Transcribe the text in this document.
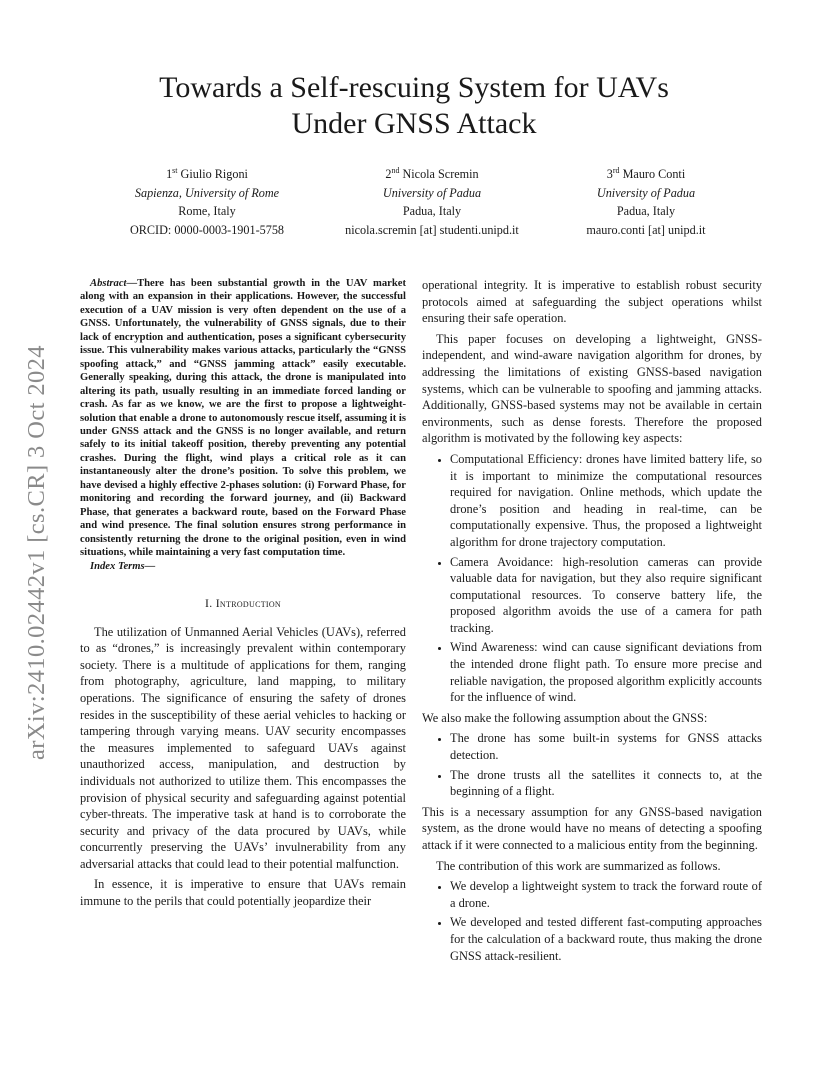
arXiv:2410.02442v1 [cs.CR] 3 Oct 2024
Towards a Self-rescuing System for UAVs
Under GNSS Attack
1st Giulio Rigoni
Sapienza, University of Rome
Rome, Italy
ORCID: 0000-0003-1901-5758
2nd Nicola Scremin
University of Padua
Padua, Italy
nicola.scremin [at] studenti.unipd.it
3rd Mauro Conti
University of Padua
Padua, Italy
mauro.conti [at] unipd.it

Abstract—There has been substantial growth in the UAV market along with an expansion in their applications. However, the successful execution of a UAV mission is very often dependent on the use of a GNSS. Unfortunately, the vulnerability of GNSS signals, due to their lack of encryption and authentication, poses a significant cybersecurity issue. This vulnerability makes various attacks, particularly the “GNSS spoofing attack,” and “GNSS jamming attack” easily executable. Generally speaking, during this attack, the drone is manipulated into altering its path, usually resulting in an immediate forced landing or crash. As far as we know, we are the first to propose a lightweight-solution that enable a drone to autonomously rescue itself, assuming it is under GNSS attack and the GNSS is no longer available, and return safely to its initial takeoff position, thereby preventing any potential crashes. During the flight, wind plays a critical role as it can instantaneously alter the drone’s position. To solve this problem, we have devised a highly effective 2-phases solution: (i) Forward Phase, for monitoring and recording the forward journey, and (ii) Backward Phase, that generates a backward route, based on the Forward Phase and wind presence. The final solution ensures strong performance in consistently returning the drone to the original position, even in wind situations, while maintaining a very fast computation time.

Index Terms—

I. Introduction

The utilization of Unmanned Aerial Vehicles (UAVs), referred to as “drones,” is increasingly prevalent within contemporary society. There is a multitude of applications for them, ranging from photography, agriculture, land mapping, to military operations. The significance of ensuring the safety of drones resides in the susceptibility of these aerial vehicles to hacking or tampering through varying means. UAV security encompasses the measures implemented to safeguard UAVs against unauthorized access, manipulation, and destruction by individuals not authorized to utilize them. This encompasses the provision of physical security and safeguarding against potential cyber-threats. The imperative task at hand is to corroborate the security and privacy of the data procured by UAVs, while concurrently preserving the UAVs’ invulnerability from any adversarial attacks that could lead to their potential malfunction.

In essence, it is imperative to ensure that UAVs remain immune to the perils that could potentially jeopardize their

operational integrity. It is imperative to establish robust security protocols aimed at safeguarding the subject operations whilst ensuring their safe operation.

This paper focuses on developing a lightweight, GNSS-independent, and wind-aware navigation algorithm for drones, by addressing the limitations of existing GNSS-based navigation systems, which can be vulnerable to spoofing and jamming attacks. Additionally, GNSS-based systems may not be available in certain environments, such as dense forests. Therefore the proposed algorithm is motivated by the following key aspects:

• Computational Efficiency: drones have limited battery life, so it is important to minimize the computational resources required for navigation. Online methods, which update the drone’s position and heading in real-time, can be computationally expensive. Thus, the proposed a lightweight algorithm for drone trajectory computation.
• Camera Avoidance: high-resolution cameras can provide valuable data for navigation, but they also require significant computational resources. To conserve battery life, the proposed algorithm avoids the use of a camera for path tracking.
• Wind Awareness: wind can cause significant deviations from the intended drone flight path. To ensure more precise and reliable navigation, the proposed algorithm explicitly accounts for the influence of wind.

We also make the following assumption about the GNSS:

• The drone has some built-in systems for GNSS attacks detection.
• The drone trusts all the satellites it connects to, at the beginning of a flight.

This is a necessary assumption for any GNSS-based navigation system, as the drone would have no means of detecting a spoofing attack if it were connected to a malicious entity from the beginning.

The contribution of this work are summarized as follows.

• We develop a lightweight system to track the forward route of a drone.
• We developed and tested different fast-computing approaches for the calculation of a backward route, thus making the drone GNSS attack-resilient.
